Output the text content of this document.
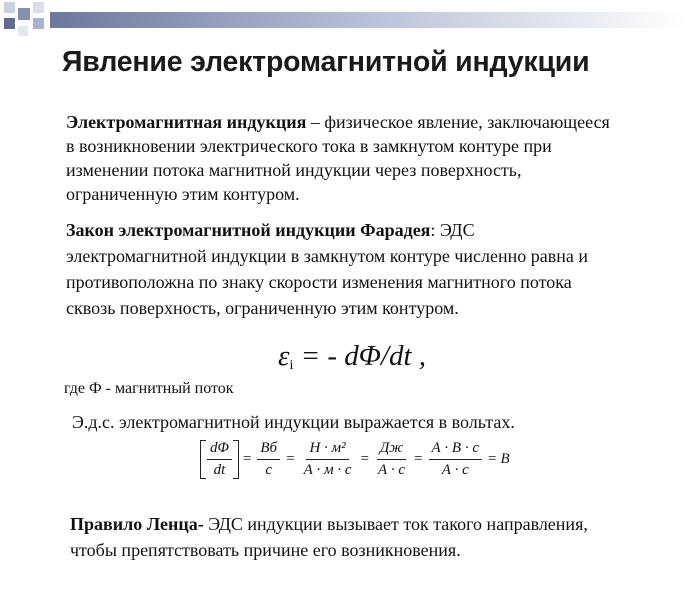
Явление электромагнитной индукции
Электромагнитная индукция – физическое явление, заключающееся
в возникновении электрического тока в замкнутом контуре при
изменении потока магнитной индукции через поверхность,
ограниченную этим контуром.
Закон электромагнитной индукции Фарадея: ЭДС
электромагнитной индукции в замкнутом контуре численно равна и
противоположна по знаку скорости изменения магнитного потока
сквозь поверхность, ограниченную этим контуром.
$\varepsilon_i$ = - dΦ/dt ,
где Ф - магнитный поток
Э.д.с. электромагнитной индукции выражается в вольтах.
$\frac{d\Phi}{dt} = \frac{Вб}{с} = \frac{\text{Н · м²}}{А \cdot м \cdot с} = \frac{Дж}{А \cdot с} = \frac{А \cdot В \cdot с}{А \cdot с} = В$
Правило Ленца- ЭДС индукции вызывает ток такого направления,
чтобы препятствовать причине его возникновения.
